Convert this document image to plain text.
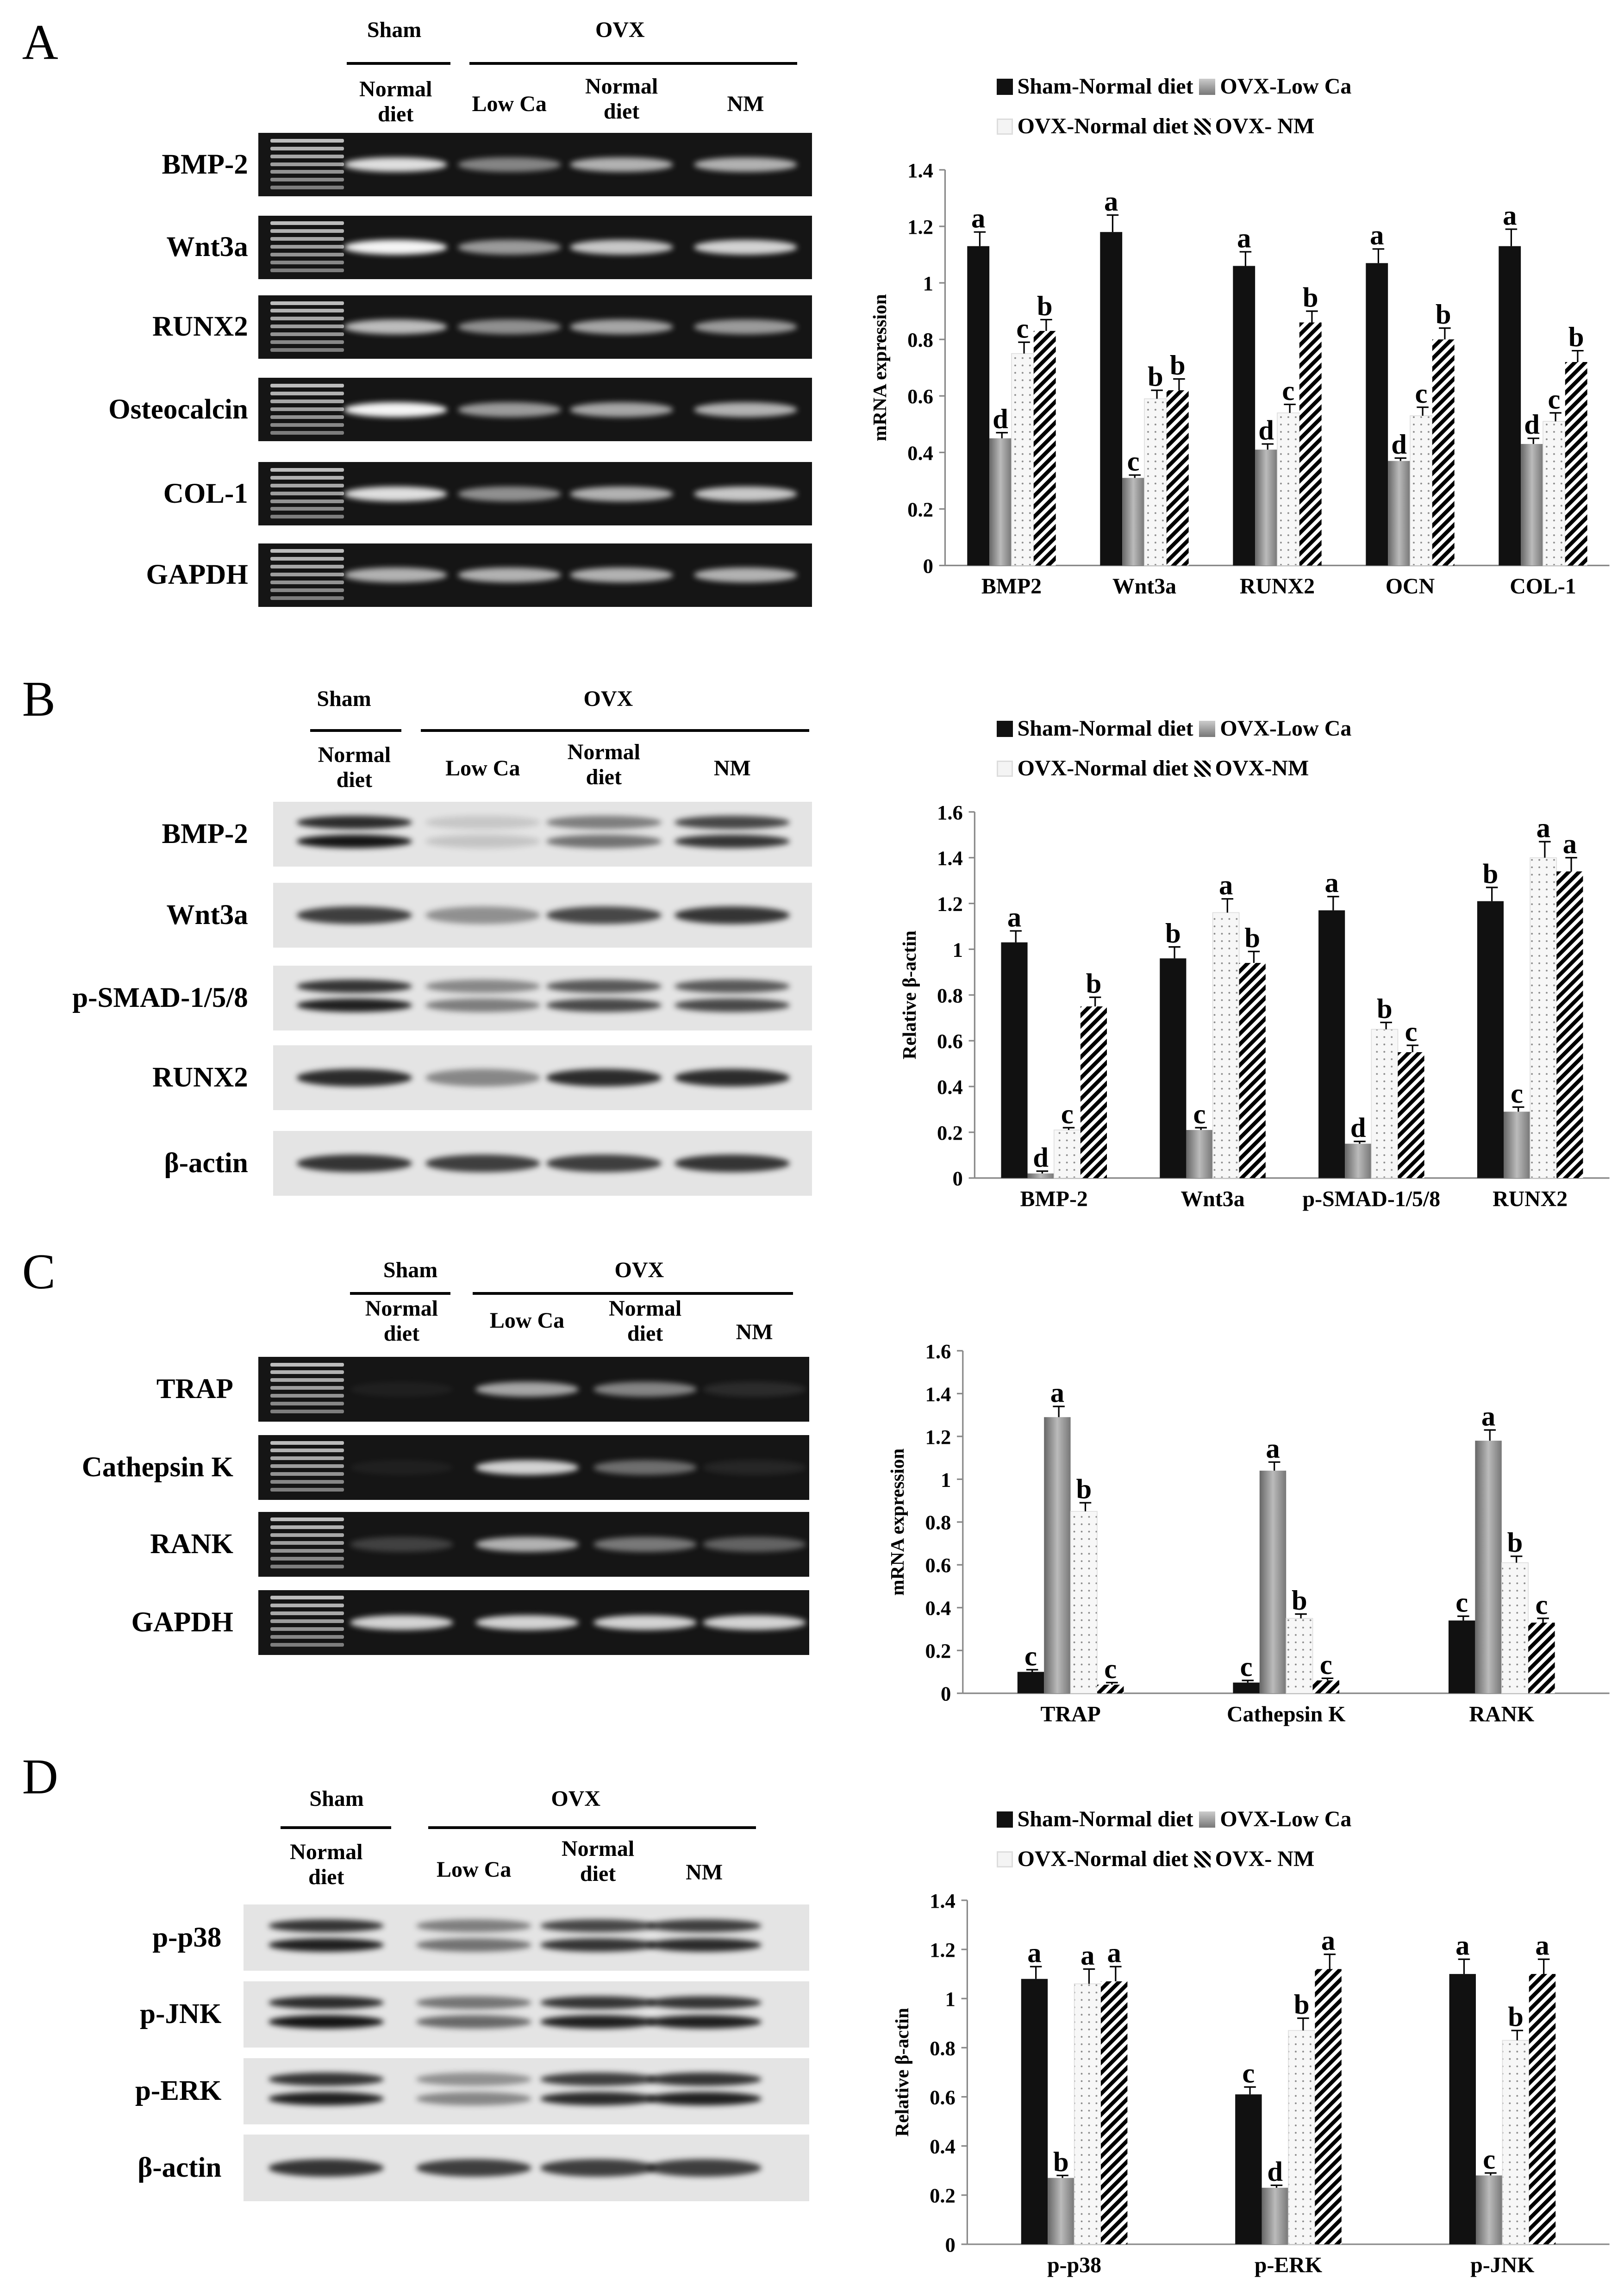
A	Sham	OVX
Normal
diet	Low Ca
Normal
diet	NM
BMP-2
Wnt3a
RUNX2
Osteocalcin
COL-1
GAPDH
Sham-Normal diet OVX-Low Ca
OVX-Normal diet OVX- NM
B	Sham	OVX
Normal
diet	Low Ca
Normal
diet	NM
BMP-2
Wnt3a
p-SMAD-1/5/8
RUNX2
β-actin
Sham-Normal diet OVX-Low Ca
OVX-Normal diet OVX-NM
C	Sham	OVX
Normal
diet
Low Ca Normal
diet	NM
TRAP
Cathepsin K
RANK
GAPDH
D	Sham	OVX
Normal
diet	Low Ca
Normal
diet	NM
p-p38
p-JNK
p-ERK
β-actin
Sham-Normal diet OVX-Low Ca
OVX-Normal diet OVX- NM
0
0.2
0.4
0.6
0.8
1
1.2
1.4
mRNA expression
BMP2
a
d
c
b
Wnt3a
a
c
b b
RUNX2
a
d
c
b
OCN
a
d
c
b
COL-1
a
d
c
b
0
0.2
0.4
0.6
0.8
1
1.2
1.4
1.6
Relative β-actin
BMP-2
a
d
c
b
Wnt3a
b
c
a
b
p-SMAD-1/5/8
a
d
b
c
RUNX2
b
c
a
a
0
0.2
0.4
0.6
0.8
1
1.2
1.4
1.6
mRNA expression
TRAP
c
a
b
c
Cathepsin K
c
a
b
c
RANK
c
a
b
c
0
0.2
0.4
0.6
0.8
1
1.2
1.4
Relative β-actin
p-p38
a
b
a a
p-ERK
c
d
b
a
p-JNK
a
c
b
a
